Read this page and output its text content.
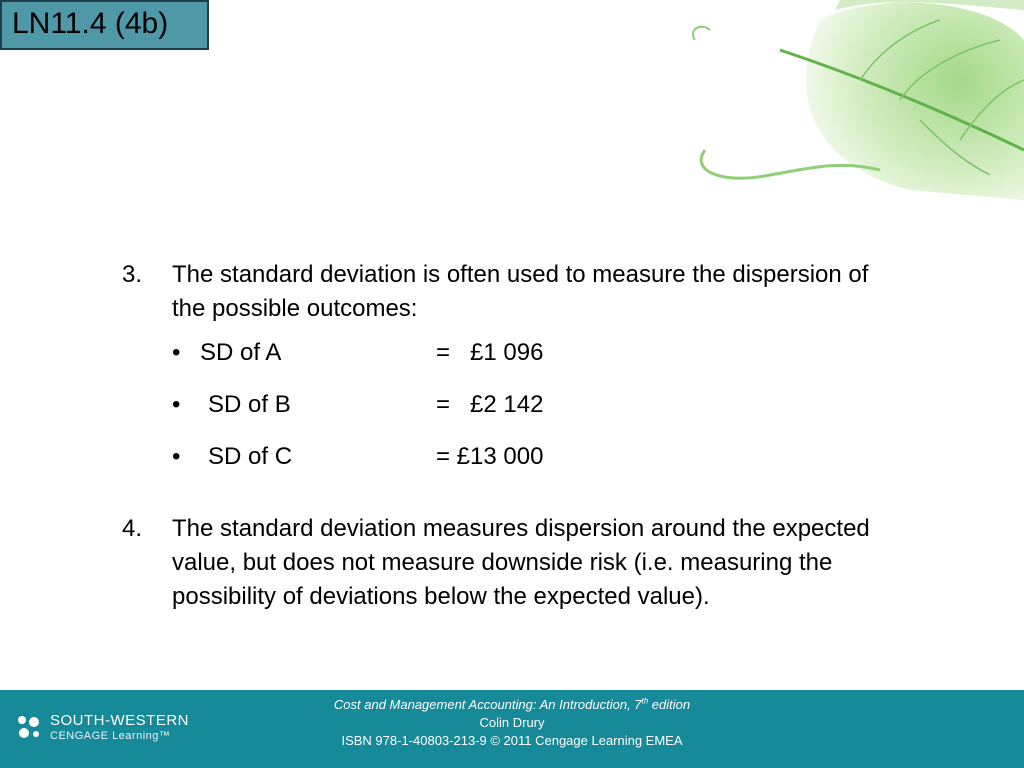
LN11.4 (4b)
3. The standard deviation is often used to measure the dispersion of the possible outcomes:
• SD of A	=   £1 096
• SD of B	=   £2 142
• SD of C	= £13 000
4. The standard deviation measures dispersion around the expected value, but does not measure downside risk (i.e. measuring the possibility of deviations below the expected value).
SOUTH-WESTERN
CENGAGE Learning™
Cost and Management Accounting: An Introduction, 7th edition
Colin Drury
ISBN 978-1-40803-213-9 © 2011 Cengage Learning EMEA
